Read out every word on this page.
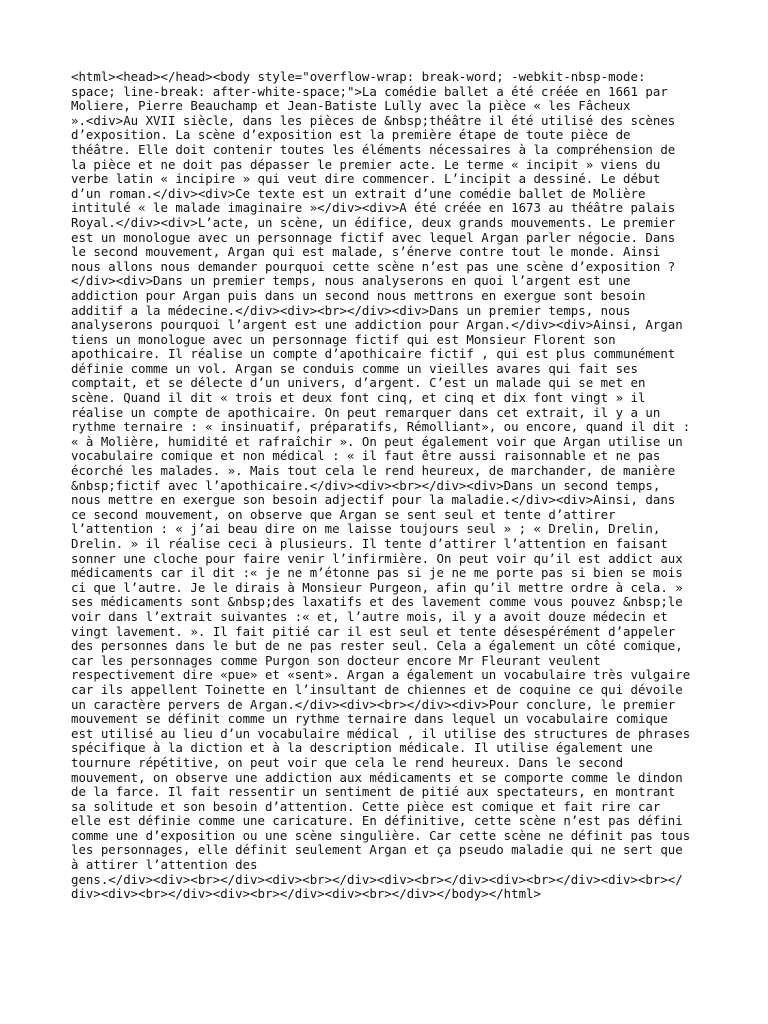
<html><head></head><body style="overflow-wrap: break-word; -webkit-nbsp-mode:
space; line-break: after-white-space;">La comédie ballet a été créée en 1661 par
Moliere, Pierre Beauchamp et Jean-Batiste Lully avec la pièce « les Fâcheux
».<div>Au XVII siècle, dans les pièces de &nbsp;théâtre il été utilisé des scènes
d’exposition. La scène d’exposition est la première étape de toute pièce de
théâtre. Elle doit contenir toutes les éléments nécessaires à la compréhension de
la pièce et ne doit pas dépasser le premier acte. Le terme « incipit » viens du
verbe latin « incipire » qui veut dire commencer. L’incipit a dessiné. Le début
d’un roman.</div><div>Ce texte est un extrait d’une comédie ballet de Molière
intitulé « le malade imaginaire »</div><div>A été créée en 1673 au théâtre palais
Royal.</div><div>L’acte, un scène, un édifice, deux grands mouvements. Le premier
est un monologue avec un personnage fictif avec lequel Argan parler négocie. Dans
le second mouvement, Argan qui est malade, s’énerve contre tout le monde. Ainsi
nous allons nous demander pourquoi cette scène n’est pas une scène d’exposition ?
</div><div>Dans un premier temps, nous analyserons en quoi l’argent est une
addiction pour Argan puis dans un second nous mettrons en exergue sont besoin
additif a la médecine.</div><div><br></div><div>Dans un premier temps, nous
analyserons pourquoi l’argent est une addiction pour Argan.</div><div>Ainsi, Argan
tiens un monologue avec un personnage fictif qui est Monsieur Florent son
apothicaire. Il réalise un compte d’apothicaire fictif , qui est plus communément
définie comme un vol. Argan se conduis comme un vieilles avares qui fait ses
comptait, et se délecte d’un univers, d’argent. C’est un malade qui se met en
scène. Quand il dit « trois et deux font cinq, et cinq et dix font vingt » il
réalise un compte de apothicaire. On peut remarquer dans cet extrait, il y a un
rythme ternaire : « insinuatif, préparatifs, Rémolliant», ou encore, quand il dit :
« à Molière, humidité et rafraîchir ». On peut également voir que Argan utilise un
vocabulaire comique et non médical : « il faut être aussi raisonnable et ne pas
écorché les malades. ». Mais tout cela le rend heureux, de marchander, de manière
&nbsp;fictif avec l’apothicaire.</div><div><br></div><div>Dans un second temps,
nous mettre en exergue son besoin adjectif pour la maladie.</div><div>Ainsi, dans
ce second mouvement, on observe que Argan se sent seul et tente d’attirer
l’attention : « j’ai beau dire on me laisse toujours seul » ; « Drelin, Drelin,
Drelin. » il réalise ceci à plusieurs. Il tente d’attirer l’attention en faisant
sonner une cloche pour faire venir l’infirmière. On peut voir qu’il est addict aux
médicaments car il dit :« je ne m’étonne pas si je ne me porte pas si bien se mois
ci que l’autre. Je le dirais à Monsieur Purgeon, afin qu’il mettre ordre à cela. »
ses médicaments sont &nbsp;des laxatifs et des lavement comme vous pouvez &nbsp;le
voir dans l’extrait suivantes :« et, l’autre mois, il y a avoit douze médecin et
vingt lavement. ». Il fait pitié car il est seul et tente désespérément d’appeler
des personnes dans le but de ne pas rester seul. Cela a également un côté comique,
car les personnages comme Purgon son docteur encore Mr Fleurant veulent
respectivement dire «pue» et «sent». Argan a également un vocabulaire très vulgaire
car ils appellent Toinette en l’insultant de chiennes et de coquine ce qui dévoile
un caractère pervers de Argan.</div><div><br></div><div>Pour conclure, le premier
mouvement se définit comme un rythme ternaire dans lequel un vocabulaire comique
est utilisé au lieu d’un vocabulaire médical , il utilise des structures de phrases
spécifique à la diction et à la description médicale. Il utilise également une
tournure répétitive, on peut voir que cela le rend heureux. Dans le second
mouvement, on observe une addiction aux médicaments et se comporte comme le dindon
de la farce. Il fait ressentir un sentiment de pitié aux spectateurs, en montrant
sa solitude et son besoin d’attention. Cette pièce est comique et fait rire car
elle est définie comme une caricature. En définitive, cette scène n’est pas défini
comme une d’exposition ou une scène singulière. Car cette scène ne définit pas tous
les personnages, elle définit seulement Argan et ça pseudo maladie qui ne sert que
à attirer l’attention des
gens.</div><div><br></div><div><br></div><div><br></div><div><br></div><div><br></
div><div><br></div><div><br></div><div><br></div></body></html>
